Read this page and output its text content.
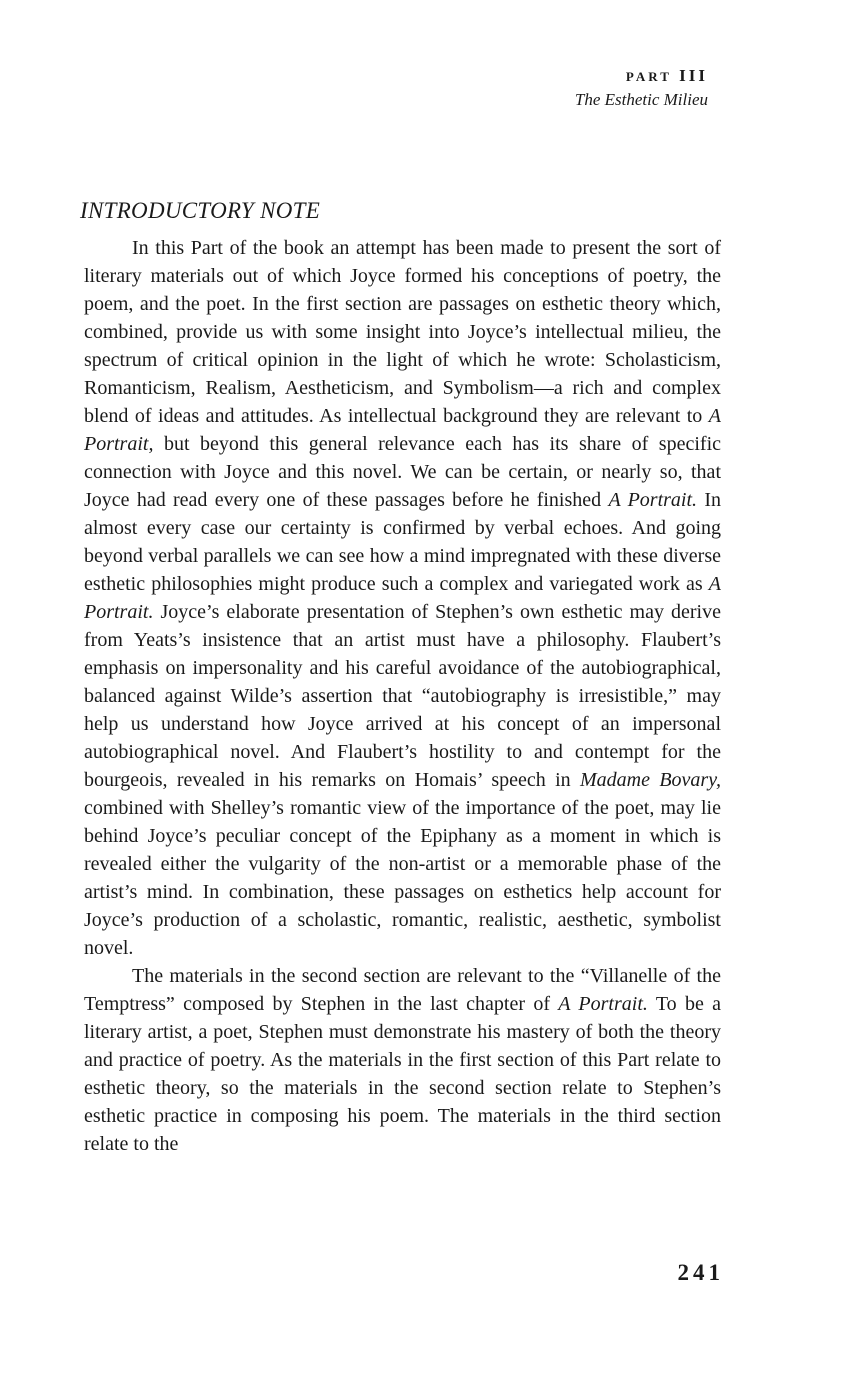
PART III
The Esthetic Milieu
INTRODUCTORY NOTE

In this Part of the book an attempt has been made to present the sort of literary materials out of which Joyce formed his conceptions of poetry, the poem, and the poet. In the first section are passages on esthetic theory which, combined, provide us with some insight into Joyce’s intellectual milieu, the spectrum of critical opinion in the light of which he wrote: Scholasticism, Romanticism, Realism, Aestheticism, and Symbolism—a rich and complex blend of ideas and attitudes. As intellectual background they are relevant to A Portrait, but beyond this general relevance each has its share of specific connection with Joyce and this novel. We can be certain, or nearly so, that Joyce had read every one of these passages before he finished A Portrait. In almost every case our certainty is confirmed by verbal echoes. And going beyond verbal parallels we can see how a mind impregnated with these diverse esthetic philosophies might produce such a complex and variegated work as A Portrait. Joyce’s elaborate presentation of Stephen’s own esthetic may derive from Yeats’s insistence that an artist must have a philosophy. Flaubert’s emphasis on impersonality and his careful avoidance of the autobiographical, balanced against Wilde’s assertion that “autobiography is irresistible,” may help us understand how Joyce arrived at his concept of an impersonal autobiographical novel. And Flaubert’s hostility to and contempt for the bourgeois, revealed in his remarks on Homais’ speech in Madame Bovary, combined with Shelley’s romantic view of the importance of the poet, may lie behind Joyce’s peculiar concept of the Epiphany as a moment in which is revealed either the vulgarity of the non-artist or a memorable phase of the artist’s mind. In combination, these passages on esthetics help account for Joyce’s production of a scholastic, romantic, realistic, aesthetic, symbolist novel.

The materials in the second section are relevant to the “Villanelle of the Temptress” composed by Stephen in the last chapter of A Portrait. To be a literary artist, a poet, Stephen must demonstrate his mastery of both the theory and practice of poetry. As the materials in the first section of this Part relate to esthetic theory, so the materials in the second section relate to Stephen’s esthetic practice in composing his poem. The materials in the third section relate to the

241
